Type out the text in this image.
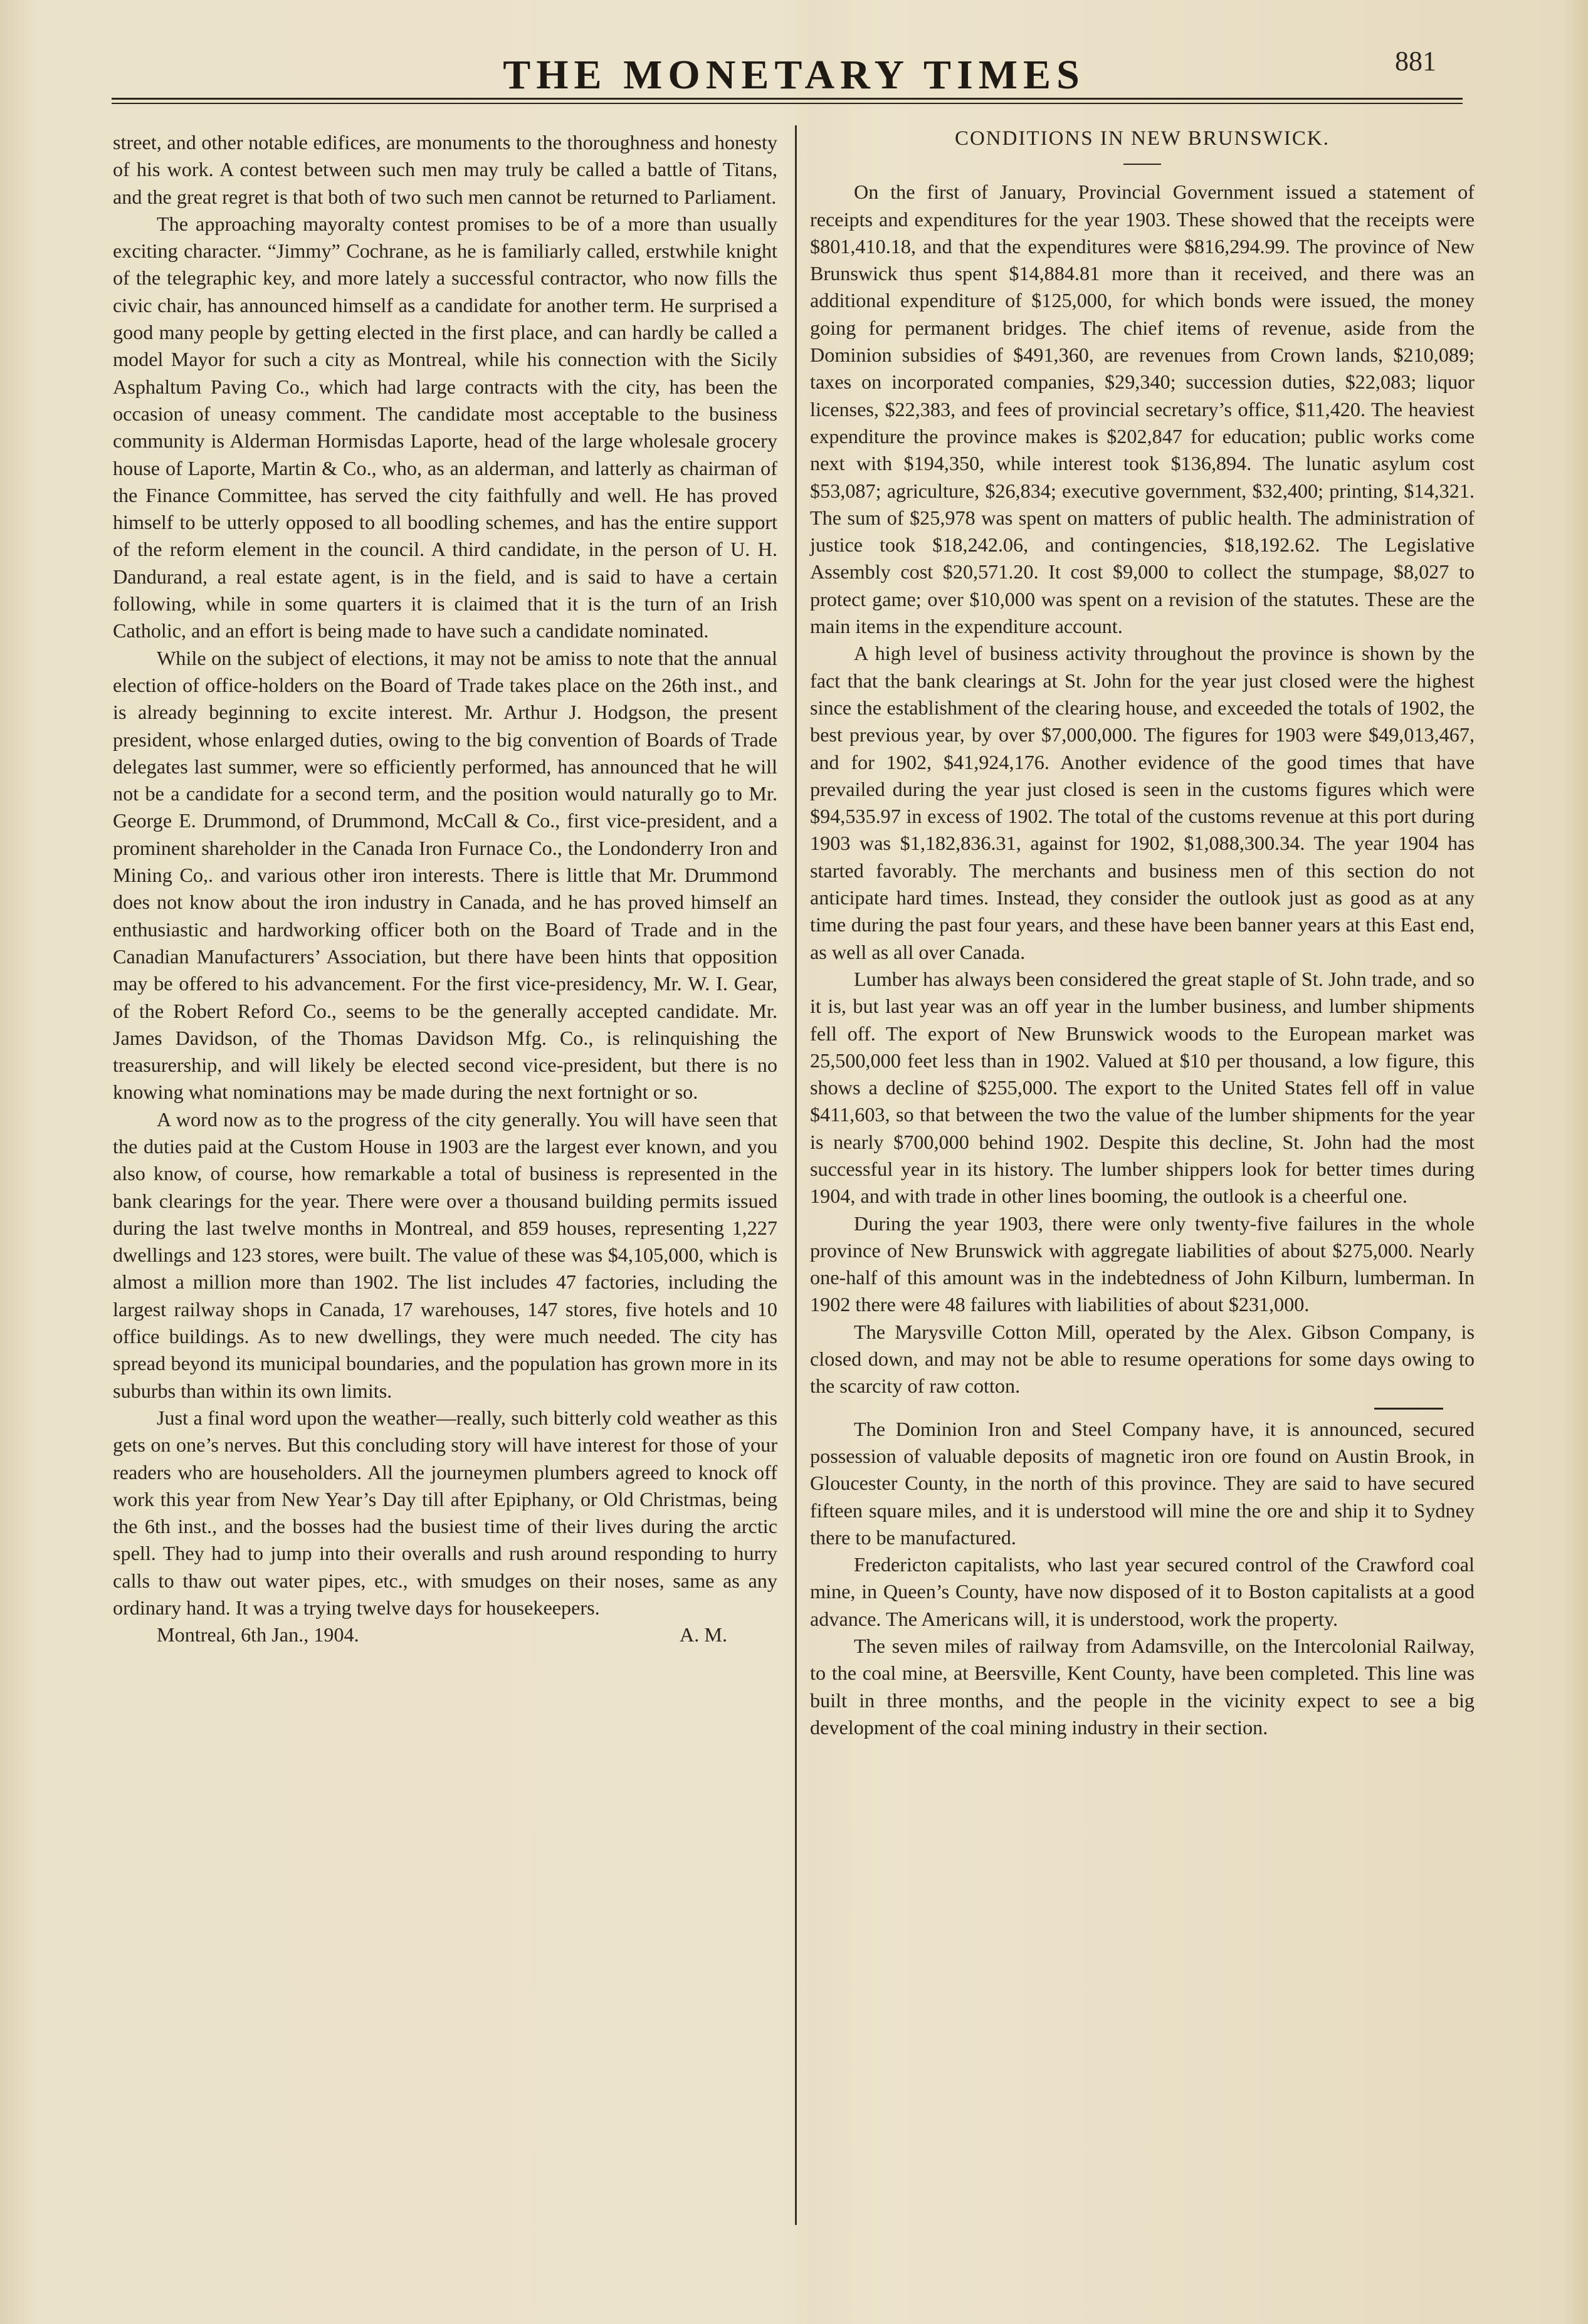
THE MONETARY TIMES	881

street, and other notable edifices, are monuments to the thoroughness and honesty of his work. A contest between such men may truly be called a battle of Titans, and the great regret is that both of two such men cannot be returned to Parliament.

The approaching mayoralty contest promises to be of a more than usually exciting character. “Jimmy” Cochrane, as he is familiarly called, erstwhile knight of the telegraphic key, and more lately a successful contractor, who now fills the civic chair, has announced himself as a candidate for another term. He surprised a good many people by getting elected in the first place, and can hardly be called a model Mayor for such a city as Montreal, while his connection with the Sicily Asphaltum Paving Co., which had large contracts with the city, has been the occasion of uneasy comment. The candidate most acceptable to the business community is Alderman Hormisdas Laporte, head of the large wholesale grocery house of Laporte, Martin & Co., who, as an alderman, and latterly as chairman of the Finance Committee, has served the city faithfully and well. He has proved himself to be utterly opposed to all boodling schemes, and has the entire support of the reform element in the council. A third candidate, in the person of U. H. Dandurand, a real estate agent, is in the field, and is said to have a certain following, while in some quarters it is claimed that it is the turn of an Irish Catholic, and an effort is being made to have such a candidate nominated.

While on the subject of elections, it may not be amiss to note that the annual election of office-holders on the Board of Trade takes place on the 26th inst., and is already beginning to excite interest. Mr. Arthur J. Hodgson, the present president, whose enlarged duties, owing to the big convention of Boards of Trade delegates last summer, were so efficiently performed, has announced that he will not be a candidate for a second term, and the position would naturally go to Mr. George E. Drummond, of Drummond, McCall & Co., first vice-president, and a prominent shareholder in the Canada Iron Furnace Co., the Londonderry Iron and Mining Co,. and various other iron interests. There is little that Mr. Drummond does not know about the iron industry in Canada, and he has proved himself an enthusiastic and hardworking officer both on the Board of Trade and in the Canadian Manufacturers’ Association, but there have been hints that opposition may be offered to his advancement. For the first vice-presidency, Mr. W. I. Gear, of the Robert Reford Co., seems to be the generally accepted candidate. Mr. James Davidson, of the Thomas Davidson Mfg. Co., is relinquishing the treasurership, and will likely be elected second vice-president, but there is no knowing what nominations may be made during the next fortnight or so.

A word now as to the progress of the city generally. You will have seen that the duties paid at the Custom House in 1903 are the largest ever known, and you also know, of course, how remarkable a total of business is represented in the bank clearings for the year. There were over a thousand building permits issued during the last twelve months in Montreal, and 859 houses, representing 1,227 dwellings and 123 stores, were built. The value of these was $4,105,000, which is almost a million more than 1902. The list includes 47 factories, including the largest railway shops in Canada, 17 warehouses, 147 stores, five hotels and 10 office buildings. As to new dwellings, they were much needed. The city has spread beyond its municipal boundaries, and the population has grown more in its suburbs than within its own limits.

Just a final word upon the weather—really, such bitterly cold weather as this gets on one’s nerves. But this concluding story will have interest for those of your readers who are householders. All the journeymen plumbers agreed to knock off work this year from New Year’s Day till after Epiphany, or Old Christmas, being the 6th inst., and the bosses had the busiest time of their lives during the arctic spell. They had to jump into their overalls and rush around responding to hurry calls to thaw out water pipes, etc., with smudges on their noses, same as any ordinary hand. It was a trying twelve days for housekeepers.

Montreal, 6th Jan., 1904.	A. M.
CONDITIONS IN NEW BRUNSWICK.

On the first of January, Provincial Government issued a statement of receipts and expenditures for the year 1903. These showed that the receipts were $801,410.18, and that the expenditures were $816,294.99. The province of New Brunswick thus spent $14,884.81 more than it received, and there was an additional expenditure of $125,000, for which bonds were issued, the money going for permanent bridges. The chief items of revenue, aside from the Dominion subsidies of $491,360, are revenues from Crown lands, $210,089; taxes on incorporated companies, $29,340; succession duties, $22,083; liquor licenses, $22,383, and fees of provincial secretary’s office, $11,420. The heaviest expenditure the province makes is $202,847 for education; public works come next with $194,350, while interest took $136,894. The lunatic asylum cost $53,087; agriculture, $26,834; executive government, $32,400; printing, $14,321. The sum of $25,978 was spent on matters of public health. The administration of justice took $18,242.06, and contingencies, $18,192.62. The Legislative Assembly cost $20,571.20. It cost $9,000 to collect the stumpage, $8,027 to protect game; over $10,000 was spent on a revision of the statutes. These are the main items in the expenditure account.

A high level of business activity throughout the province is shown by the fact that the bank clearings at St. John for the year just closed were the highest since the establishment of the clearing house, and exceeded the totals of 1902, the best previous year, by over $7,000,000. The figures for 1903 were $49,013,467, and for 1902, $41,924,176. Another evidence of the good times that have prevailed during the year just closed is seen in the customs figures which were $94,535.97 in excess of 1902. The total of the customs revenue at this port during 1903 was $1,182,836.31, against for 1902, $1,088,300.34. The year 1904 has started favorably. The merchants and business men of this section do not anticipate hard times. Instead, they consider the outlook just as good as at any time during the past four years, and these have been banner years at this East end, as well as all over Canada.

Lumber has always been considered the great staple of St. John trade, and so it is, but last year was an off year in the lumber business, and lumber shipments fell off. The export of New Brunswick woods to the European market was 25,500,000 feet less than in 1902. Valued at $10 per thousand, a low figure, this shows a decline of $255,000. The export to the United States fell off in value $411,603, so that between the two the value of the lumber shipments for the year is nearly $700,000 behind 1902. Despite this decline, St. John had the most successful year in its history. The lumber shippers look for better times during 1904, and with trade in other lines booming, the outlook is a cheerful one.

During the year 1903, there were only twenty-five failures in the whole province of New Brunswick with aggregate liabilities of about $275,000. Nearly one-half of this amount was in the indebtedness of John Kilburn, lumberman. In 1902 there were 48 failures with liabilities of about $231,000.

The Marysville Cotton Mill, operated by the Alex. Gibson Company, is closed down, and may not be able to resume operations for some days owing to the scarcity of raw cotton.

The Dominion Iron and Steel Company have, it is announced, secured possession of valuable deposits of magnetic iron ore found on Austin Brook, in Gloucester County, in the north of this province. They are said to have secured fifteen square miles, and it is understood will mine the ore and ship it to Sydney there to be manufactured.

Fredericton capitalists, who last year secured control of the Crawford coal mine, in Queen’s County, have now disposed of it to Boston capitalists at a good advance. The Americans will, it is understood, work the property.

The seven miles of railway from Adamsville, on the Intercolonial Railway, to the coal mine, at Beersville, Kent County, have been completed. This line was built in three months, and the people in the vicinity expect to see a big development of the coal mining industry in their section.
